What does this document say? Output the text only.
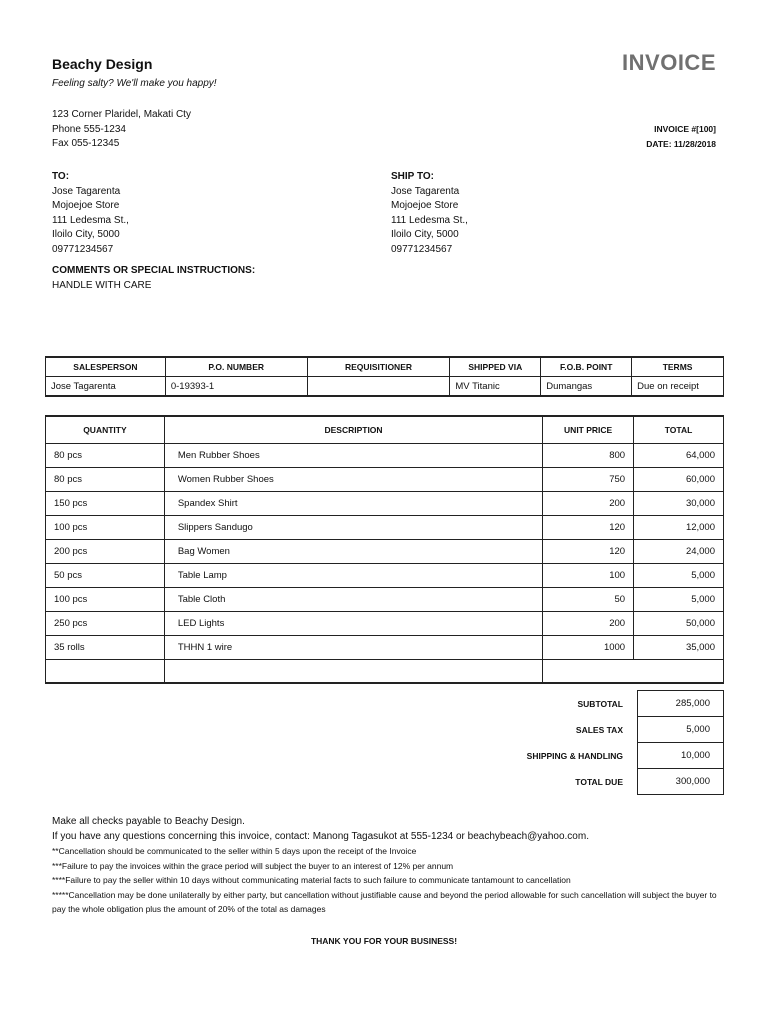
Beachy Design
Feeling salty? We'll make you happy!
INVOICE
123 Corner Plaridel, Makati Cty
Phone 555-1234
Fax 055-12345
INVOICE #[100]
DATE: 11/28/2018
TO:
Jose Tagarenta
Mojoejoe Store
111 Ledesma St.,
Iloilo City, 5000
09771234567
SHIP TO:
Jose Tagarenta
Mojoejoe Store
111 Ledesma St.,
Iloilo City, 5000
09771234567
COMMENTS OR SPECIAL INSTRUCTIONS:
HANDLE WITH CARE
SALESPERSON	P.O. NUMBER	REQUISITIONER	SHIPPED VIA	F.O.B. POINT	TERMS
Jose Tagarenta	0-19393-1		MV Titanic	Dumangas	Due on receipt
QUANTITY	DESCRIPTION	UNIT PRICE	TOTAL
80 pcs	Men Rubber Shoes	800	64,000
80 pcs	Women Rubber Shoes	750	60,000
150 pcs	Spandex Shirt	200	30,000
100 pcs	Slippers Sandugo	120	12,000
200 pcs	Bag Women	120	24,000
50 pcs	Table Lamp	100	5,000
100 pcs	Table Cloth	50	5,000
250 pcs	LED Lights	200	50,000
35 rolls	THHN 1 wire	1000	35,000

SUBTOTAL	285,000
SALES TAX	5,000
SHIPPING & HANDLING	10,000
TOTAL DUE	300,000
Make all checks payable to Beachy Design.
If you have any questions concerning this invoice, contact: Manong Tagasukot at 555-1234 or beachybeach@yahoo.com.
**Cancellation should be communicated to the seller within 5 days upon the receipt of the Invoice
***Failure to pay the invoices within the grace period will subject the buyer to an interest of 12% per annum
****Failure to pay the seller within 10 days without communicating material facts to such failure to communicate tantamount to cancellation
*****Cancellation may be done unilaterally by either party, but cancellation without justifiable cause and beyond the period allowable for such cancellation will subject the buyer to pay the whole obligation plus the amount of 20% of the total as damages
THANK YOU FOR YOUR BUSINESS!
